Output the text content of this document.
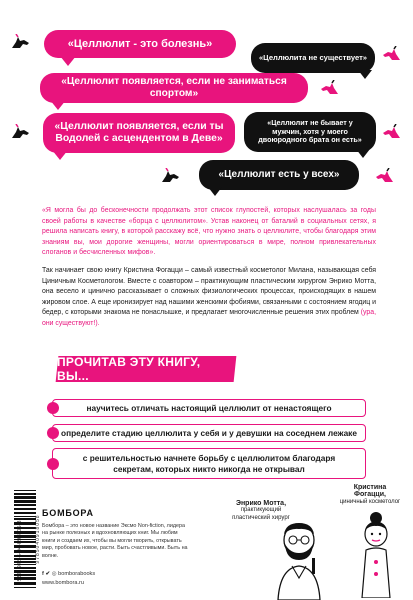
«Целлюлит - это болезнь»
«Целлюлита не существует»
«Целлюлит появляется, если не заниматься спортом»
«Целлюлит появляется, если ты Водолей с асцендентом в Деве»
«Целлюлит не бывает у мужчин, хотя у моего двоюродного брата он есть»
«Целлюлит есть у всех»

«Я могла бы до бесконечности продолжать этот список глупостей, которых наслушалась за годы своей работы в качестве «борца с целлюлитом». Устав наконец от баталий в социальных сетях, я решила написать книгу, в которой расскажу всё, что нужно знать о целлюлите, чтобы благодаря этим знаниям вы, мои дорогие женщины, могли ориентироваться в мире, полном привлекательных слоганов и бесчисленных мифов».

Так начинает свою книгу Кристина Фогацци – самый известный косметолог Милана, называющая себя Циничным Косметологом. Вместе с соавтором – практикующим пластическим хирургом Энрико Мотта, она весело и цинично рассказывает о сложных физиологических процессах, происходящих в нашем жировом слое. А еще иронизирует над нашими женскими фобиями, связанными с состоянием ягодиц и бедер, с которыми знакома не понаслышке, и предлагает многочисленные решения этих проблем (ура, они существуют!).

ПРОЧИТАВ ЭТУ КНИГУ, ВЫ...
научитесь отличать настоящий целлюлит от ненастоящего
определите стадию целлюлита у себя и у девушки на соседнем лежаке
с решительностью начнете борьбу с целлюлитом благодаря секретам, которых никто никогда не открывал
9785040918058
БОМБОРА

Бомбора – это новое название Эксмо Non-fiction, лидера на рынке полезных и вдохновляющих книг. Мы любим книги и создаем их, чтобы вы могли творить, открывать мир, пробовать новое, расти. Быть счастливыми. Быть на волне.

f ✔ ◎ bomborabooks
www.bombora.ru
Энрико Мотта,
практикующий пластический хирург
Кристина Фогацци,
циничный косметолог
